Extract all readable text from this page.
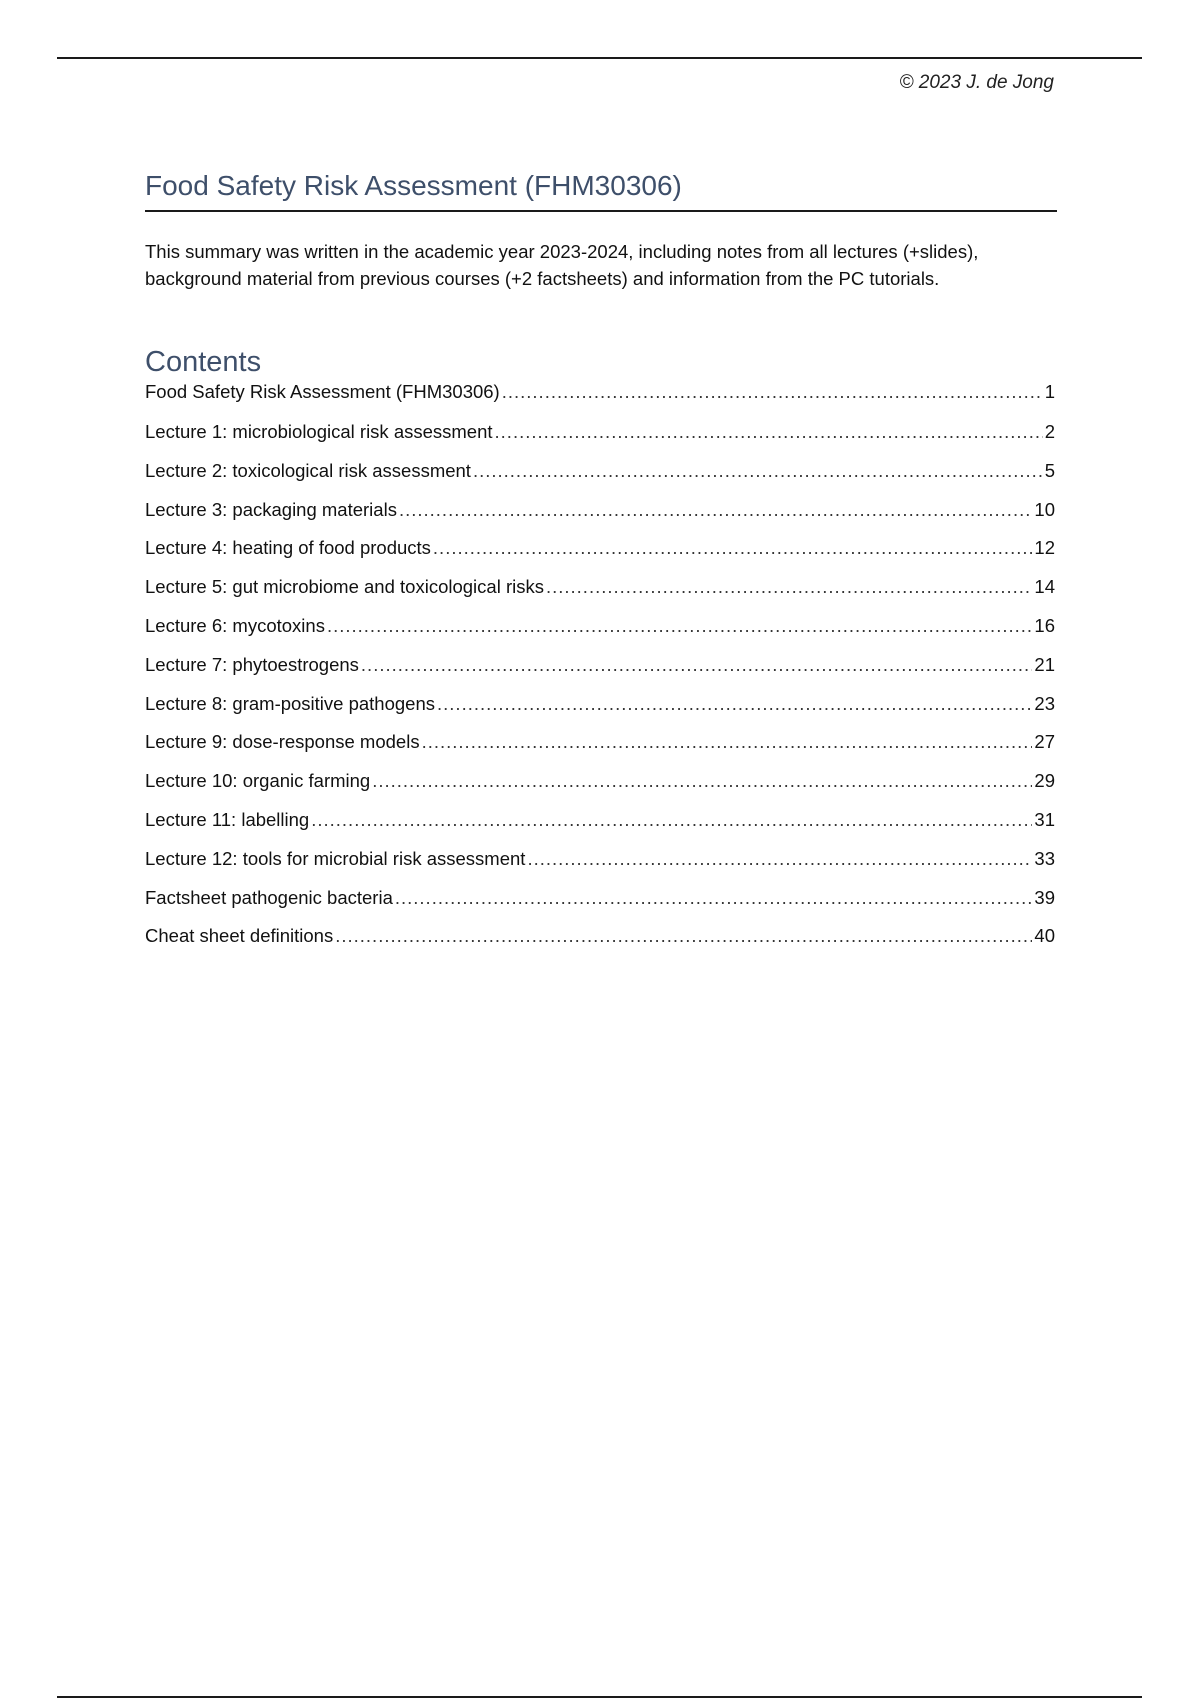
© 2023 J. de Jong
Food Safety Risk Assessment (FHM30306)

This summary was written in the academic year 2023-2024, including notes from all lectures (+slides), background material from previous courses (+2 factsheets) and information from the PC tutorials.

Contents
Food Safety Risk Assessment (FHM30306) .....	1
Lecture 1: microbiological risk assessment .....	2
Lecture 2: toxicological risk assessment .....	5
Lecture 3: packaging materials .....	10
Lecture 4: heating of food products .....	12
Lecture 5: gut microbiome and toxicological risks .....	14
Lecture 6: mycotoxins .....	16
Lecture 7: phytoestrogens .....	21
Lecture 8: gram-positive pathogens .....	23
Lecture 9: dose-response models .....	27
Lecture 10: organic farming .....	29
Lecture 11: labelling .....	31
Lecture 12: tools for microbial risk assessment .....	33
Factsheet pathogenic bacteria .....	39
Cheat sheet definitions .....	40
